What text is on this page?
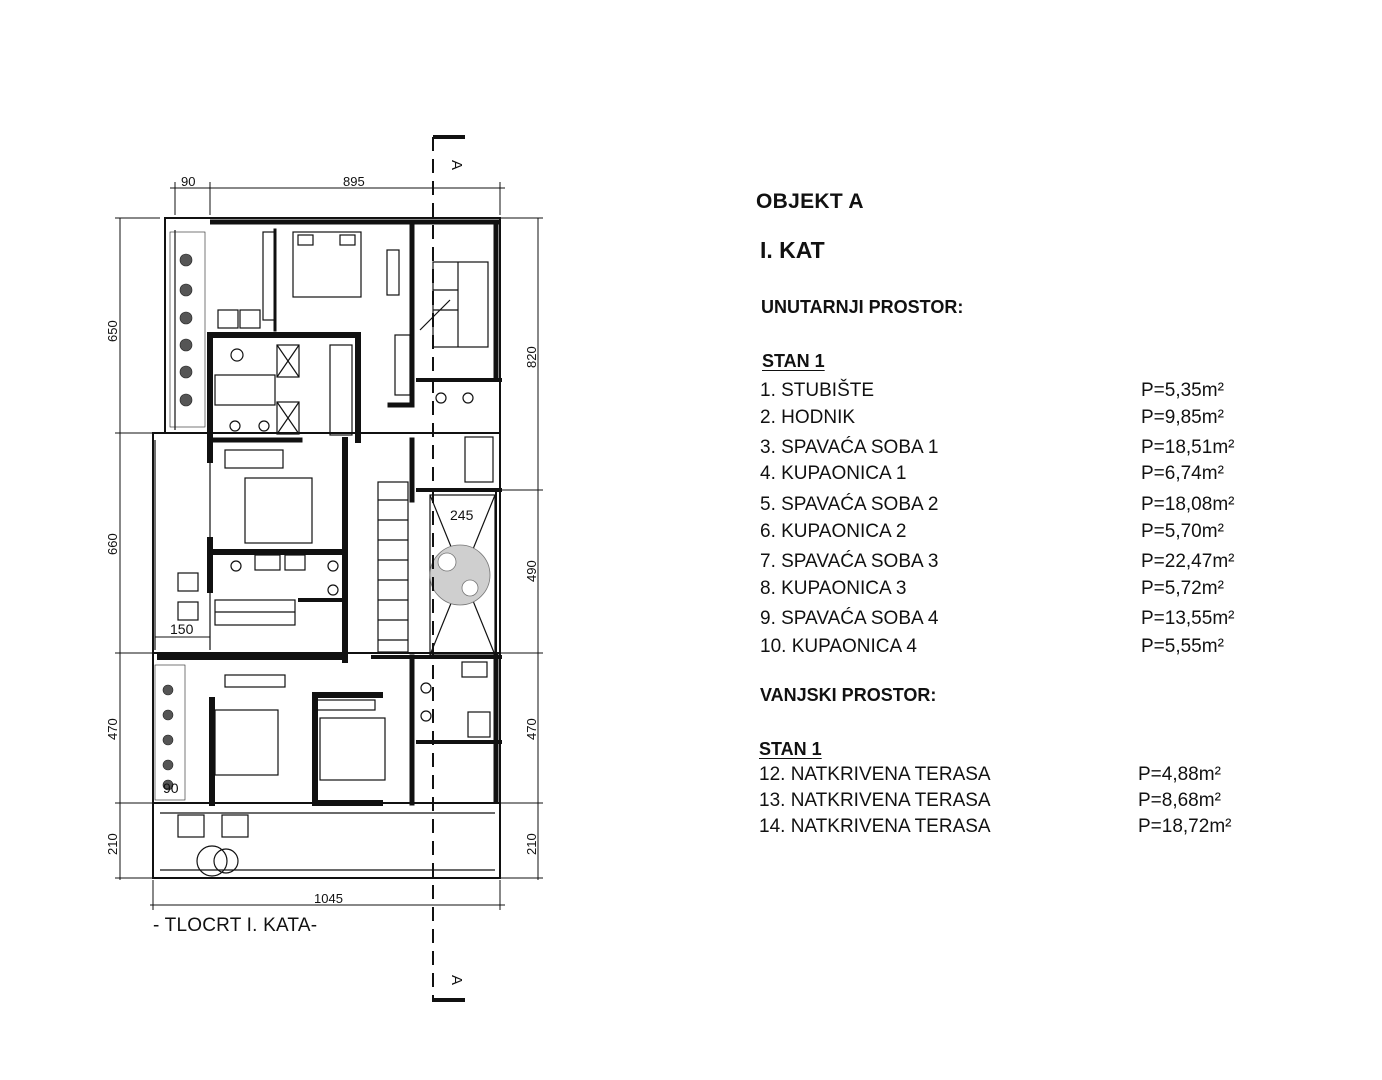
90	895
650
660
470
210
820
490
470
210
1045
A
A
150
90
245
- TLOCRT I. KATA-
OBJEKT A
I. KAT
UNUTARNJI PROSTOR:
STAN 1
1. STUBIŠTE	P=5,35m²
2. HODNIK	P=9,85m²
3. SPAVAĆA SOBA 1	P=18,51m²
4. KUPAONICA 1	P=6,74m²
5. SPAVAĆA SOBA 2	P=18,08m²
6. KUPAONICA 2	P=5,70m²
7. SPAVAĆA SOBA 3	P=22,47m²
8. KUPAONICA 3	P=5,72m²
9. SPAVAĆA SOBA 4	P=13,55m²
10. KUPAONICA 4	P=5,55m²
VANJSKI PROSTOR:
STAN 1
12. NATKRIVENA TERASA	P=4,88m²
13. NATKRIVENA TERASA	P=8,68m²
14. NATKRIVENA TERASA	P=18,72m²
